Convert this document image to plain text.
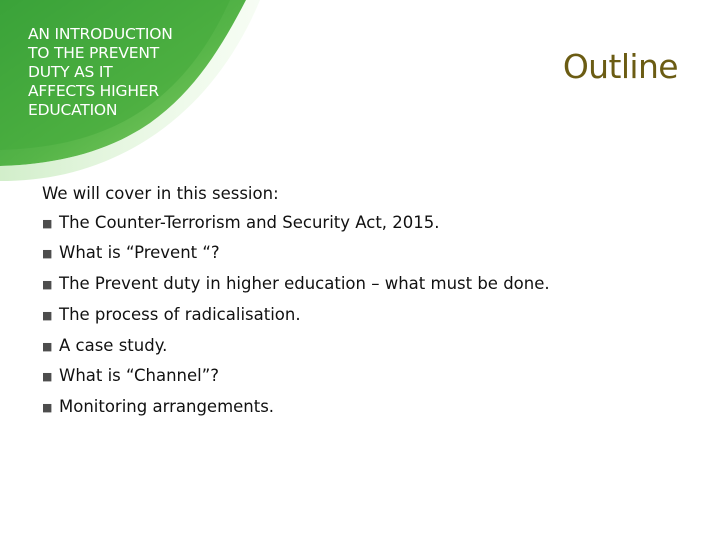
AN INTRODUCTION
TO THE PREVENT
DUTY AS IT
AFFECTS HIGHER
EDUCATION
Outline
We will cover in this session:
■ The Counter-Terrorism and Security Act, 2015.
■ What is “Prevent “?
■ The Prevent duty in higher education – what must be done.
■ The process of radicalisation.
■ A case study.
■ What is “Channel”?
■ Monitoring arrangements.
